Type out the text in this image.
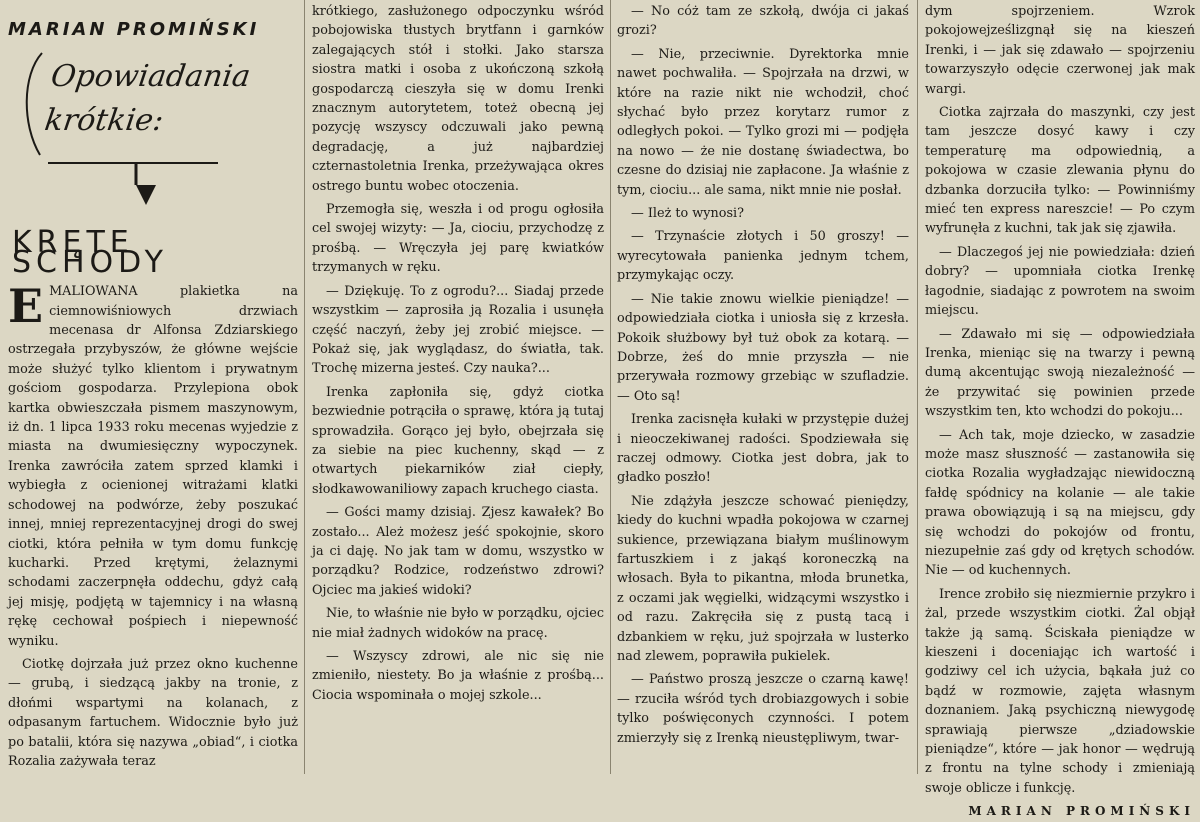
MARIAN PROMIŃSKI
Opowiadania krótkie:
KRĘTE SCHODY

EMALIOWANA plakietka na ciemnowiśniowych drzwiach mecenasa dr Alfonsa Zdziarskiego ostrzegała przybyszów, że główne wejście może służyć tylko klientom i prywatnym gościom gospodarza. Przylepiona obok kartka obwieszczała pismem maszynowym, iż dn. 1 lipca 1933 roku mecenas wyjedzie z miasta na dwumiesięczny wypoczynek. Irenka zawróciła zatem sprzed klamki i wybiegła z ocienionej witrażami klatki schodowej na podwórze, żeby poszukać innej, mniej reprezentacyjnej drogi do swej ciotki, która pełniła w tym domu funkcję kucharki. Przed krętymi, żelaznymi schodami zaczerpnęła oddechu, gdyż całą jej misję, podjętą w tajemnicy i na własną rękę cechował pośpiech i niepewność wyniku.

Ciotkę dojrzała już przez okno kuchenne — grubą, i siedzącą jakby na tronie, z dłońmi wspartymi na kolanach, z odpasanym fartuchem. Widocznie było już po batalii, która się nazywa „obiad“, i ciotka Rozalia zażywała teraz

krótkiego, zasłużonego odpoczynku wśród pobojowiska tłustych brytfann i garnków zalegających stół i stołki. Jako starsza siostra matki i osoba z ukończoną szkołą gospodarczą cieszyła się w domu Irenki znacznym autorytetem, toteż obecną jej pozycję wszyscy odczuwali jako pewną degradację, a już najbardziej czternastoletnia Irenka, przeżywająca okres ostrego buntu wobec otoczenia.

Przemogła się, weszła i od progu ogłosiła cel swojej wizyty: — Ja, ciociu, przychodzę z prośbą. — Wręczyła jej parę kwiatków trzymanych w ręku.

— Dziękuję. To z ogrodu?... Siadaj przede wszystkim — zaprosiła ją Rozalia i usunęła część naczyń, żeby jej zrobić miejsce. — Pokaż się, jak wyglądasz, do światła, tak. Trochę mizerna jesteś. Czy nauka?...

Irenka zapłoniła się, gdyż ciotka bezwiednie potrąciła o sprawę, która ją tutaj sprowadziła. Gorąco jej było, obejrzała się za siebie na piec kuchenny, skąd — z otwartych piekarników ział ciepły, słodkawowaniliowy zapach kruchego ciasta.

— Gości mamy dzisiaj. Zjesz kawałek? Bo zostało... Ależ możesz jeść spokojnie, skoro ja ci daję. No jak tam w domu, wszystko w porządku? Rodzice, rodzeństwo zdrowi? Ojciec ma jakieś widoki?

Nie, to właśnie nie było w porządku, ojciec nie miał żadnych widoków na pracę.

— Wszyscy zdrowi, ale nic się nie zmieniło, niestety. Bo ja właśnie z prośbą... Ciocia wspominała o mojej szkole...

— No cóż tam ze szkołą, dwója ci jakaś grozi?

— Nie, przeciwnie. Dyrektorka mnie nawet pochwaliła. — Spojrzała na drzwi, w które na razie nikt nie wchodził, choć słychać było przez korytarz rumor z odległych pokoi. — Tylko grozi mi — podjęła na nowo — że nie dostanę świadectwa, bo czesne do dzisiaj nie zapłacone. Ja właśnie z tym, ciociu... ale sama, nikt mnie nie posłał.

— Ileż to wynosi?

— Trzynaście złotych i 50 groszy! — wyrecytowała panienka jednym tchem, przymykając oczy.

— Nie takie znowu wielkie pieniądze! — odpowiedziała ciotka i uniosła się z krzesła. Pokoik służbowy był tuż obok za kotarą. — Dobrze, żeś do mnie przyszła — nie przerywała rozmowy grzebiąc w szufladzie. — Oto są!

Irenka zacisnęła kułaki w przystępie dużej i nieoczekiwanej radości. Spodziewała się raczej odmowy. Ciotka jest dobra, jak to gładko poszło!

Nie zdążyła jeszcze schować pieniędzy, kiedy do kuchni wpadła pokojowa w czarnej sukience, przewiązana białym muślinowym fartuszkiem i z jakąś koroneczką na włosach. Była to pikantna, młoda brunetka, z oczami jak węgielki, widzącymi wszystko i od razu. Zakręciła się z pustą tacą i dzbankiem w ręku, już spojrzała w lusterko nad zlewem, poprawiła pukielek.

— Państwo proszą jeszcze o czarną kawę! — rzuciła wśród tych drobiazgowych i sobie tylko poświęconych czynności. I potem zmierzyły się z Irenką nieustępliwym, twar-

dym spojrzeniem. Wzrok pokojowejześlizgnął się na kieszeń Irenki, i — jak się zdawało — spojrzeniu towarzyszyło odęcie czerwonej jak mak wargi.

Ciotka zajrzała do maszynki, czy jest tam jeszcze dosyć kawy i czy temperaturę ma odpowiednią, a pokojowa w czasie zlewania płynu do dzbanka dorzuciła tylko: — Powinniśmy mieć ten express nareszcie! — Po czym wyfrunęła z kuchni, tak jak się zjawiła.

— Dlaczegoś jej nie powiedziała: dzień dobry? — upomniała ciotka Irenkę łagodnie, siadając z powrotem na swoim miejscu.

— Zdawało mi się — odpowiedziała Irenka, mieniąc się na twarzy i pewną dumą akcentując swoją niezależność — że przywitać się powinien przede wszystkim ten, kto wchodzi do pokoju...

— Ach tak, moje dziecko, w zasadzie może masz słuszność — zastanowiła się ciotka Rozalia wygładzając niewidoczną fałdę spódnicy na kolanie — ale takie prawa obowiązują i są na miejscu, gdy się wchodzi do pokojów od frontu, niezupełnie zaś gdy od krętych schodów. Nie — od kuchennych.

Irence zrobiło się niezmiernie przykro i żal, przede wszystkim ciotki. Żal objął także ją samą. Ściskała pieniądze w kieszeni i doceniając ich wartość i godziwy cel ich użycia, bąkała już co bądź w rozmowie, zajęta własnym doznaniem. Jaką psychiczną niewygodę sprawiają pierwsze „dziadowskie pieniądze“, które — jak honor — wędrują z frontu na tylne schody i zmieniają swoje oblicze i funkcję.

MARIAN PROMIŃSKI
